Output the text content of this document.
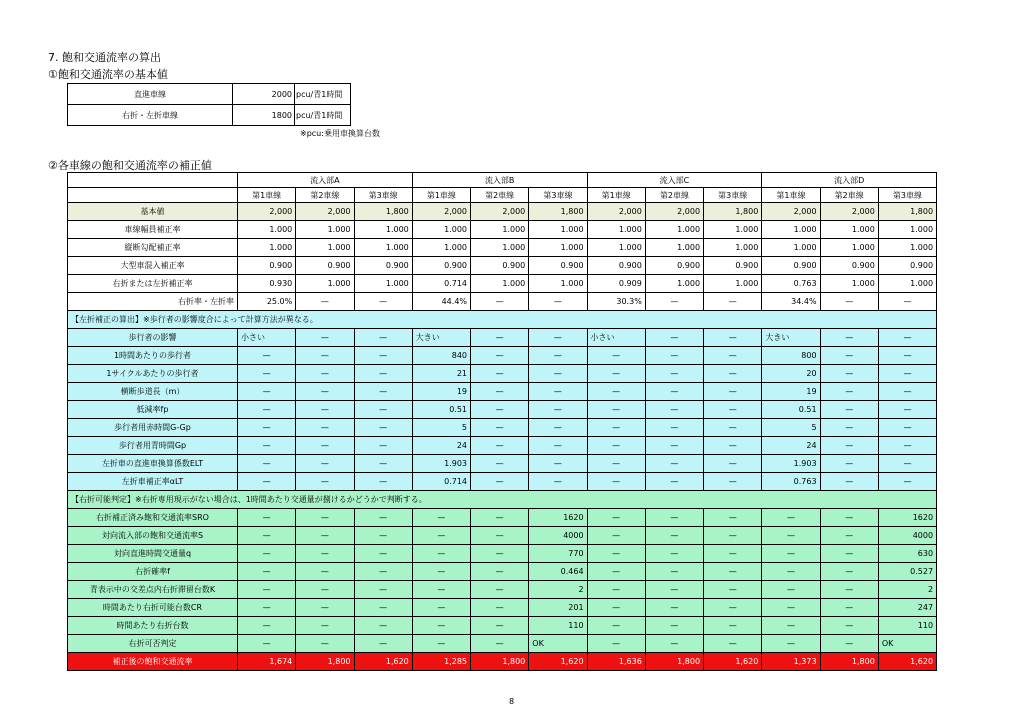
7. 飽和交通流率の算出
①飽和交通流率の基本値
直進車線	2000	pcu/青1時間
右折・左折車線	1800	pcu/青1時間
※pcu:乗用車換算台数
②各車線の飽和交通流率の補正値
	流入部A			流入部B			流入部C			流入部D		
	第1車線	第2車線	第3車線	第1車線	第2車線	第3車線	第1車線	第2車線	第3車線	第1車線	第2車線	第3車線
基本値	2,000	2,000	1,800	2,000	2,000	1,800	2,000	2,000	1,800	2,000	2,000	1,800
車線幅員補正率	1.000	1.000	1.000	1.000	1.000	1.000	1.000	1.000	1.000	1.000	1.000	1.000
縦断勾配補正率	1.000	1.000	1.000	1.000	1.000	1.000	1.000	1.000	1.000	1.000	1.000	1.000
大型車混入補正率	0.900	0.900	0.900	0.900	0.900	0.900	0.900	0.900	0.900	0.900	0.900	0.900
右折または左折補正率	0.930	1.000	1.000	0.714	1.000	1.000	0.909	1.000	1.000	0.763	1.000	1.000
右折率・左折率	25.0%	—	—	44.4%	—	—	30.3%	—	—	34.4%	—	—
【左折補正の算出】※歩行者の影響度合によって計算方法が異なる。												
歩行者の影響	小さい	—	—	大きい	—	—	小さい	—	—	大きい	—	—
1時間あたりの歩行者	—	—	—	840	—	—	—	—	—	800	—	—
1サイクルあたりの歩行者	—	—	—	21	—	—	—	—	—	20	—	—
横断歩道長（m）	—	—	—	19	—	—	—	—	—	19	—	—
低減率fp	—	—	—	0.51	—	—	—	—	—	0.51	—	—
歩行者用赤時間G-Gp	—	—	—	5	—	—	—	—	—	5	—	—
歩行者用青時間Gp	—	—	—	24	—	—	—	—	—	24	—	—
左折車の直進車換算係数ELT	—	—	—	1.903	—	—	—	—	—	1.903	—	—
左折車補正率αLT	—	—	—	0.714	—	—	—	—	—	0.763	—	—
【右折可能判定】※右折専用現示がない場合は、1時間あたり交通量が捌けるかどうかで判断する。												
右折補正済み飽和交通流率SRO	—	—	—	—	—	1620	—	—	—	—	—	1620
対向流入部の飽和交通流率S	—	—	—	—	—	4000	—	—	—	—	—	4000
対向直進時間交通量q	—	—	—	—	—	770	—	—	—	—	—	630
右折確率f	—	—	—	—	—	0.464	—	—	—	—	—	0.527
青表示中の交差点内右折滞留台数K	—	—	—	—	—	2	—	—	—	—	—	2
時間あたり右折可能台数CR	—	—	—	—	—	201	—	—	—	—	—	247
時間あたり右折台数	—	—	—	—	—	110	—	—	—	—	—	110
右折可否判定	—	—	—	—	—	OK	—	—	—	—	—	OK
補正後の飽和交通流率	1,674	1,800	1,620	1,285	1,800	1,620	1,636	1,800	1,620	1,373	1,800	1,620
8
